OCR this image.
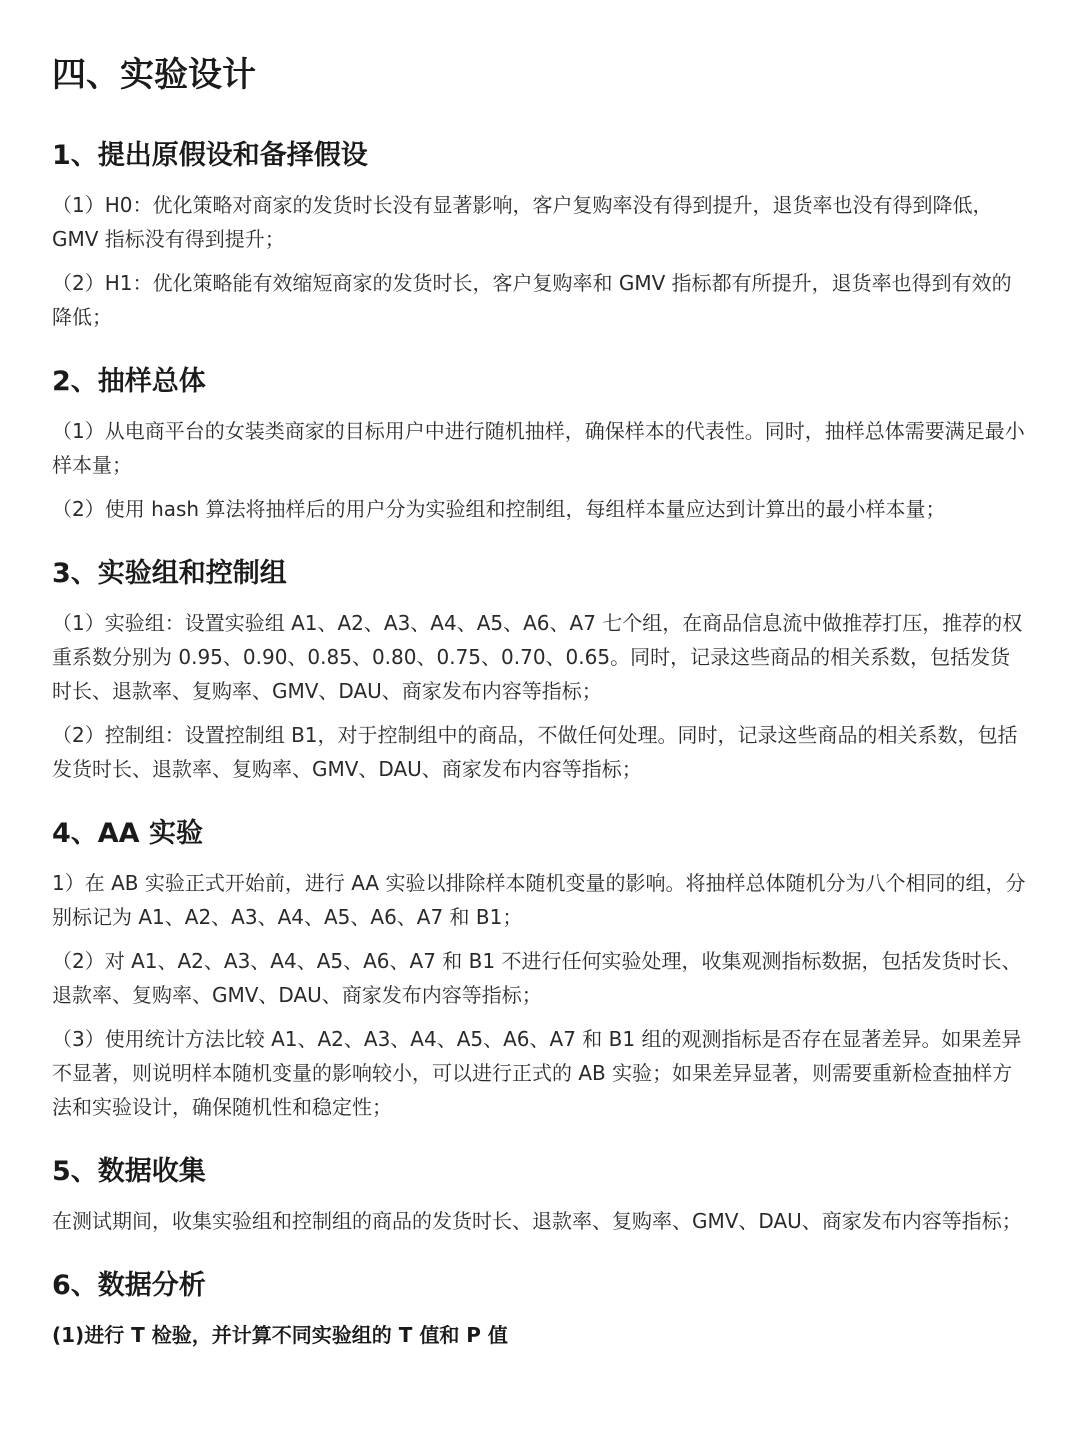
四、实验设计
1、提出原假设和备择假设

（1）H0：优化策略对商家的发货时长没有显著影响，客户复购率没有得到提升，退货率也没有得到降低，GMV 指标没有得到提升；

（2）H1：优化策略能有效缩短商家的发货时长，客户复购率和 GMV 指标都有所提升，退货率也得到有效的降低；

2、抽样总体

（1）从电商平台的女装类商家的目标用户中进行随机抽样，确保样本的代表性。同时，抽样总体需要满足最小样本量；

（2）使用 hash 算法将抽样后的用户分为实验组和控制组，每组样本量应达到计算出的最小样本量；

3、实验组和控制组

（1）实验组：设置实验组 A1、A2、A3、A4、A5、A6、A7 七个组，在商品信息流中做推荐打压，推荐的权重系数分别为 0.95、0.90、0.85、0.80、0.75、0.70、0.65。同时，记录这些商品的相关系数，包括发货时长、退款率、复购率、GMV、DAU、商家发布内容等指标；

（2）控制组：设置控制组 B1，对于控制组中的商品，不做任何处理。同时，记录这些商品的相关系数，包括发货时长、退款率、复购率、GMV、DAU、商家发布内容等指标；

4、AA 实验

1）在 AB 实验正式开始前，进行 AA 实验以排除样本随机变量的影响。将抽样总体随机分为八个相同的组，分别标记为 A1、A2、A3、A4、A5、A6、A7 和 B1；

（2）对 A1、A2、A3、A4、A5、A6、A7 和 B1 不进行任何实验处理，收集观测指标数据，包括发货时长、退款率、复购率、GMV、DAU、商家发布内容等指标；

（3）使用统计方法比较 A1、A2、A3、A4、A5、A6、A7 和 B1 组的观测指标是否存在显著差异。如果差异不显著，则说明样本随机变量的影响较小，可以进行正式的 AB 实验；如果差异显著，则需要重新检查抽样方法和实验设计，确保随机性和稳定性；

5、数据收集

在测试期间，收集实验组和控制组的商品的发货时长、退款率、复购率、GMV、DAU、商家发布内容等指标；

6、数据分析

(1)进行 T 检验，并计算不同实验组的 T 值和 P 值
